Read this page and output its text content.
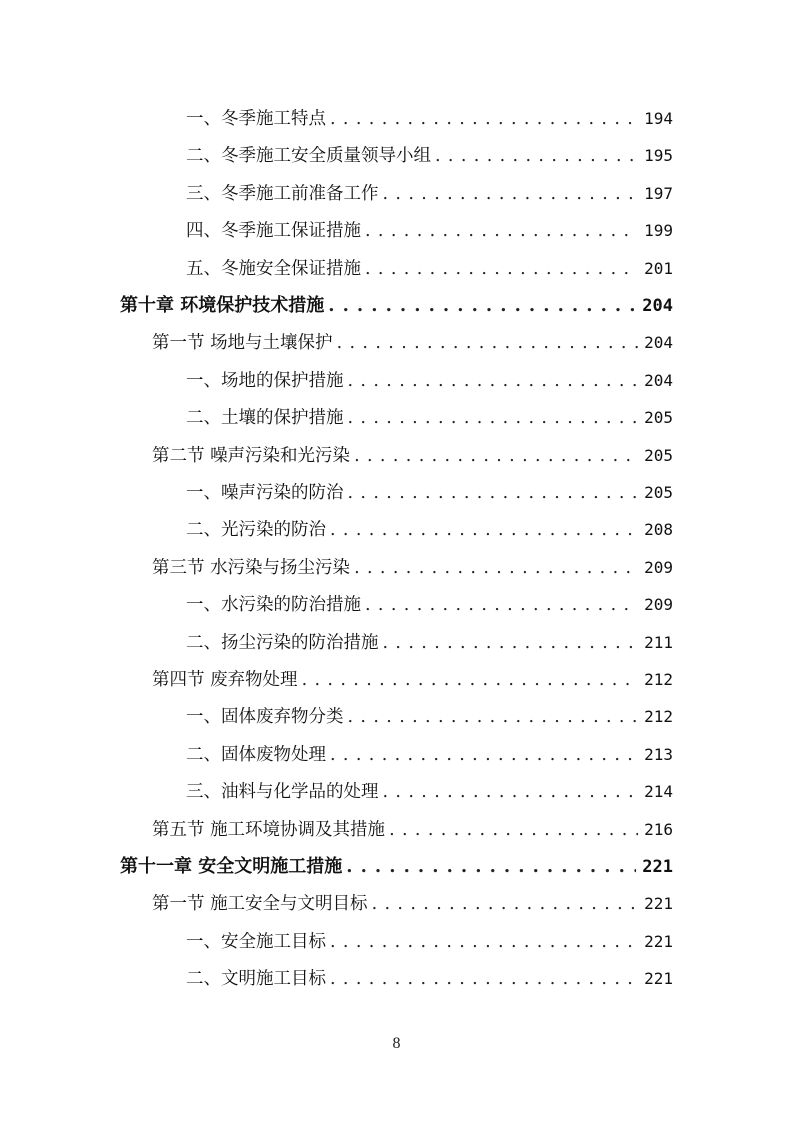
一、冬季施工特点 . . .	194
二、冬季施工安全质量领导小组 . . .	195
三、冬季施工前准备工作 . . .	197
四、冬季施工保证措施 . . .	199
五、冬施安全保证措施 . . .	201
第十章 环境保护技术措施 . . .	204
第一节 场地与土壤保护 . . .	204
一、场地的保护措施 . . .	204
二、土壤的保护措施 . . .	205
第二节 噪声污染和光污染 . . .	205
一、噪声污染的防治 . . .	205
二、光污染的防治 . . .	208
第三节 水污染与扬尘污染 . . .	209
一、水污染的防治措施 . . .	209
二、扬尘污染的防治措施 . . .	211
第四节 废弃物处理 . . .	212
一、固体废弃物分类 . . .	212
二、固体废物处理 . . .	213
三、油料与化学品的处理 . . .	214
第五节 施工环境协调及其措施 . . .	216
第十一章 安全文明施工措施 . . .	221
第一节 施工安全与文明目标 . . .	221
一、安全施工目标 . . .	221
二、文明施工目标 . . .	221
8
